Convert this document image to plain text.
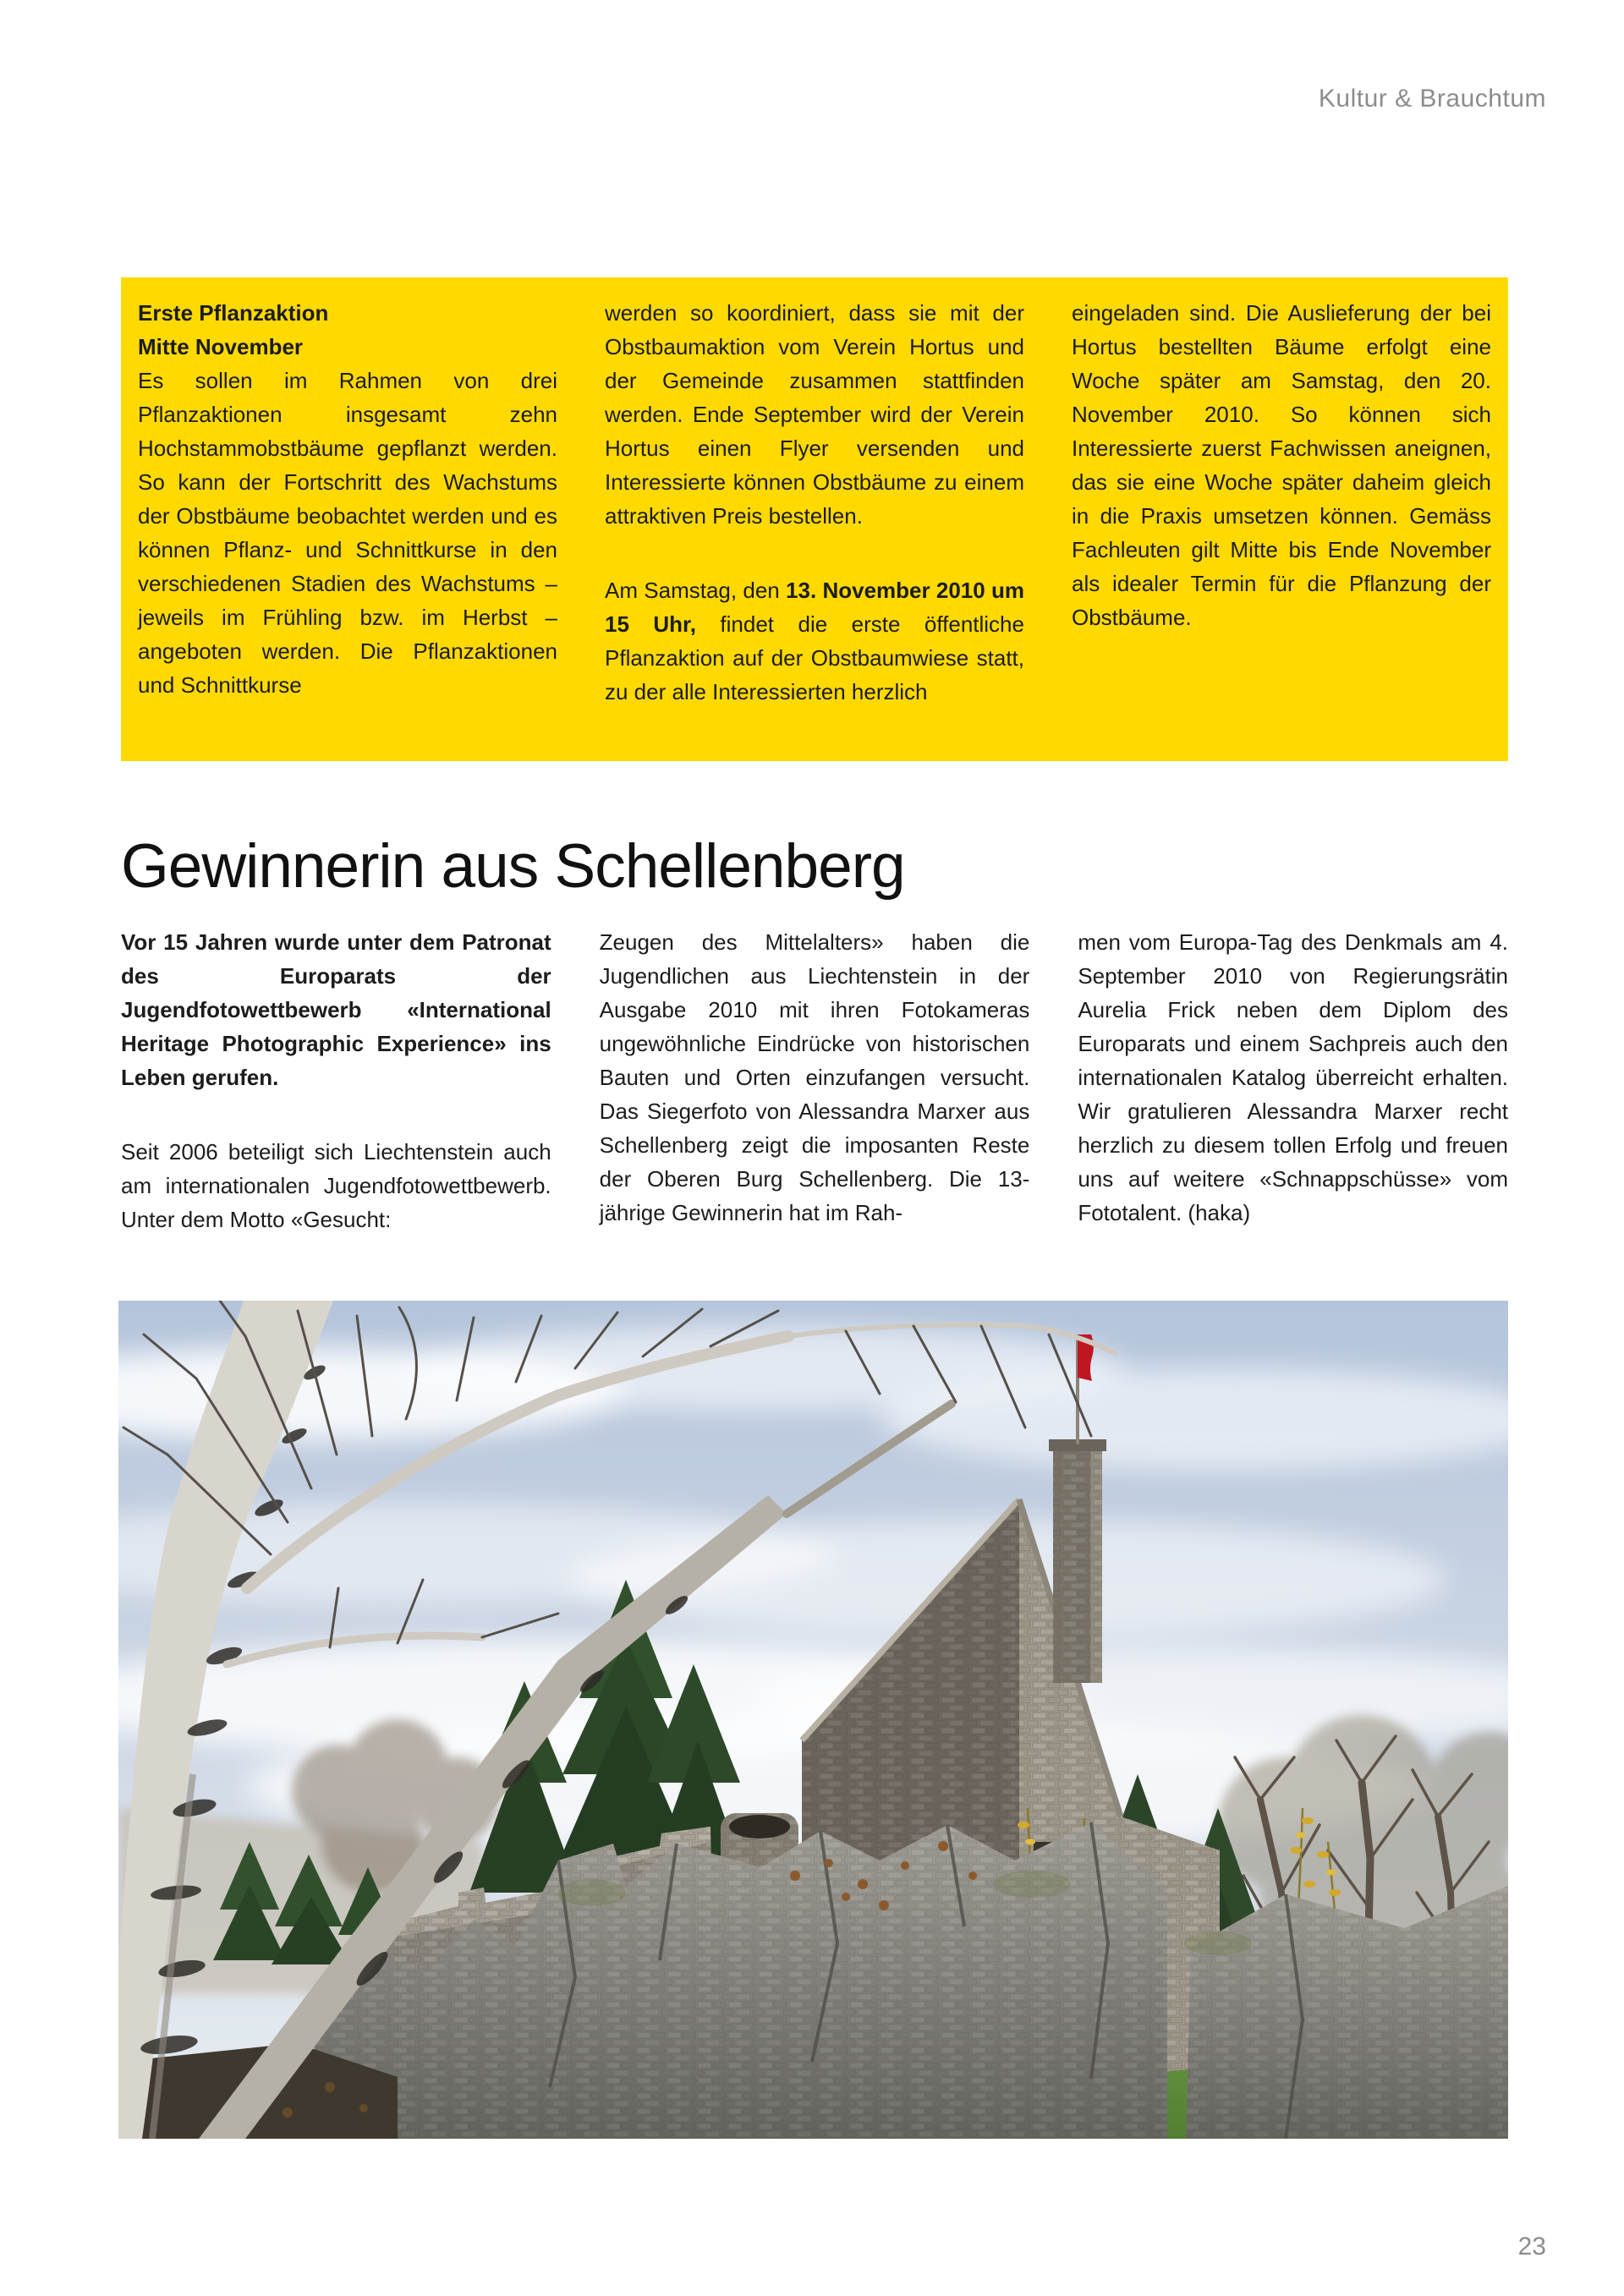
Kultur & Brauchtum
Erste Pflanzaktion
Mitte November

Es sollen im Rahmen von drei Pflanzaktionen insgesamt zehn Hochstammobstbäume gepflanzt werden. So kann der Fortschritt des Wachstums der Obstbäume beobachtet werden und es können Pflanz- und Schnittkurse in den verschiedenen Stadien des Wachstums – jeweils im Frühling bzw. im Herbst – angeboten werden. Die Pflanzaktionen und Schnittkurse

werden so koordiniert, dass sie mit der Obstbaumaktion vom Verein Hortus und der Gemeinde zusammen stattfinden werden. Ende September wird der Verein Hortus einen Flyer versenden und Interessierte können Obstbäume zu einem attraktiven Preis bestellen.

Am Samstag, den 13. November 2010 um 15 Uhr, findet die erste öffentliche Pflanzaktion auf der Obstbaumwiese statt, zu der alle Interessierten herzlich

eingeladen sind. Die Auslieferung der bei Hortus bestellten Bäume erfolgt eine Woche später am Samstag, den 20. November 2010. So können sich Interessierte zuerst Fachwissen aneignen, das sie eine Woche später daheim gleich in die Praxis umsetzen können. Gemäss Fachleuten gilt Mitte bis Ende November als idealer Termin für die Pflanzung der Obstbäume.

Gewinnerin aus Schellenberg

Vor 15 Jahren wurde unter dem Patronat des Europarats der Jugendfotowettbewerb «International Heritage Photographic Experience» ins Leben gerufen.

Seit 2006 beteiligt sich Liechtenstein auch am internationalen Jugendfotowettbewerb. Unter dem Motto «Gesucht:

Zeugen des Mittelalters» haben die Jugendlichen aus Liechtenstein in der Ausgabe 2010 mit ihren Fotokameras ungewöhnliche Eindrücke von historischen Bauten und Orten einzufangen versucht. Das Siegerfoto von Alessandra Marxer aus Schellenberg zeigt die imposanten Reste der Oberen Burg Schellenberg. Die 13-jährige Gewinnerin hat im Rah-

men vom Europa-Tag des Denkmals am 4. September 2010 von Regierungsrätin Aurelia Frick neben dem Diplom des Europarats und einem Sachpreis auch den internationalen Katalog überreicht erhalten. Wir gratulieren Alessandra Marxer recht herzlich zu diesem tollen Erfolg und freuen uns auf weitere «Schnappschüsse» vom Fototalent. (haka)

23
